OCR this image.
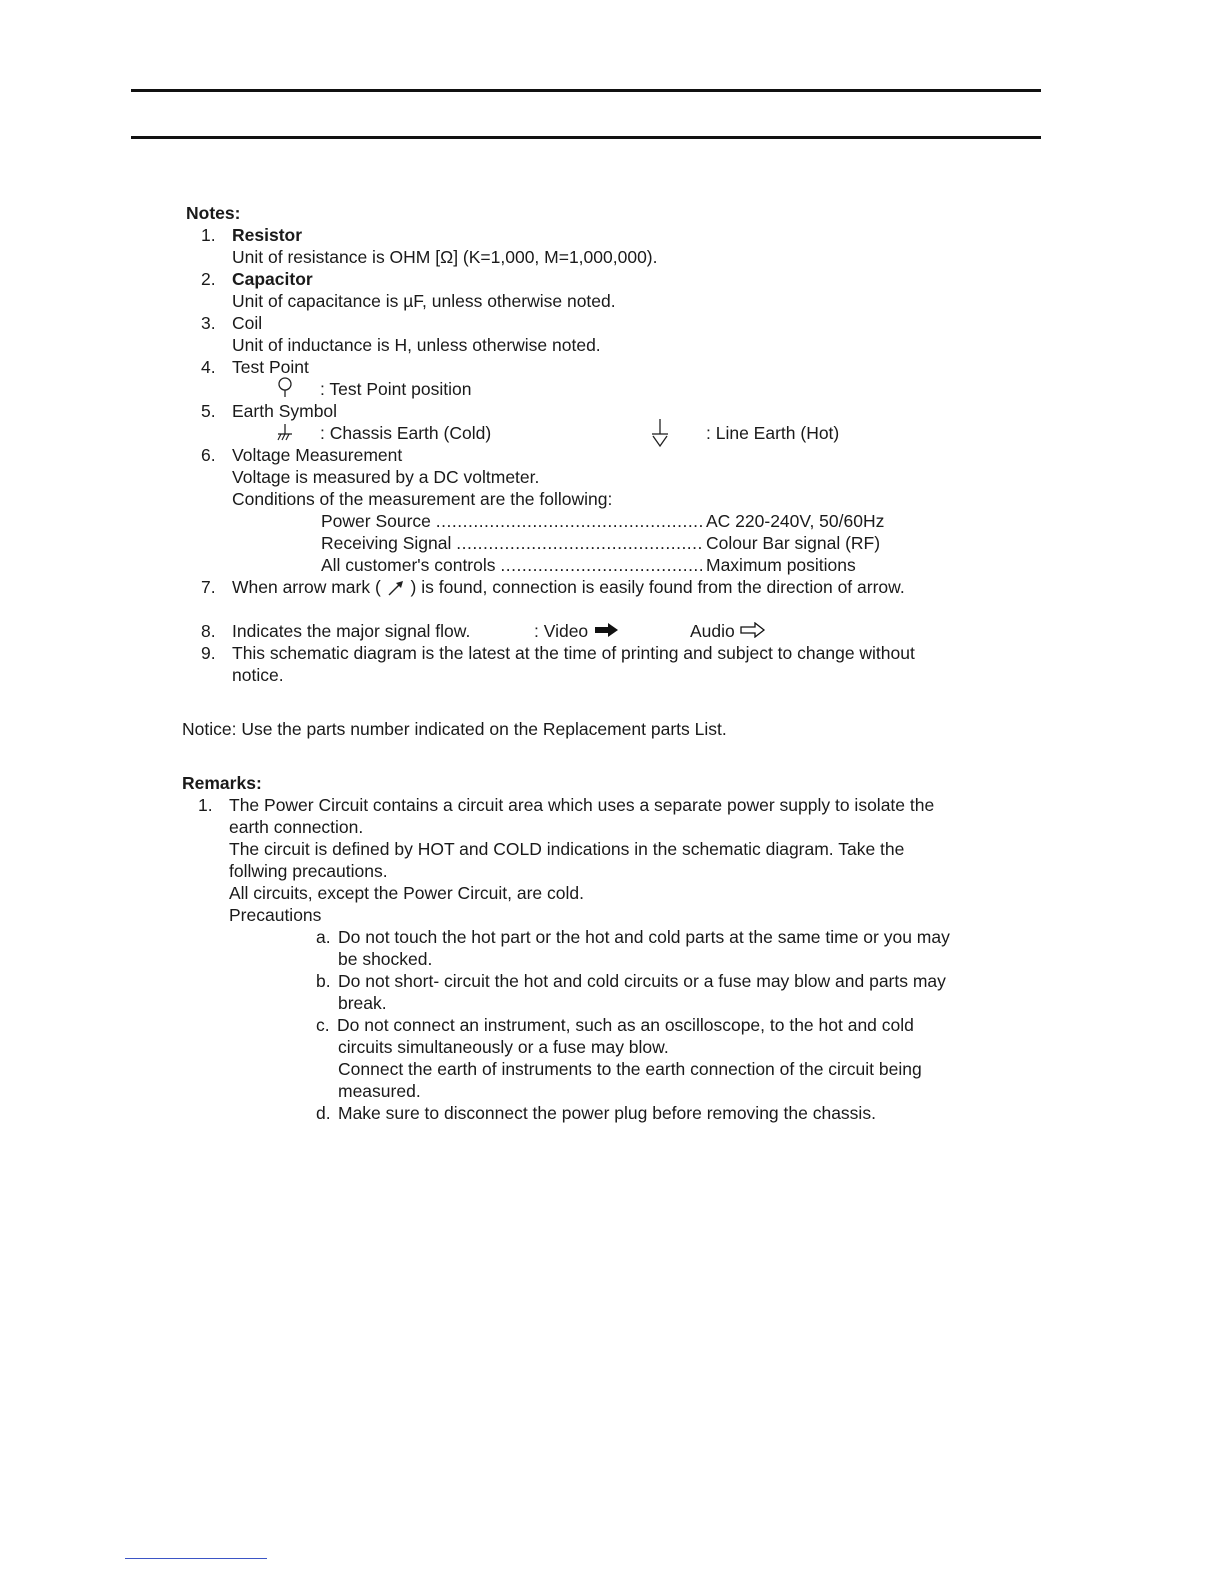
Notes:
1. Resistor
Unit of resistance is OHM [Ω] (K=1,000, M=1,000,000).
2. Capacitor
Unit of capacitance is µF, unless otherwise noted.
3. Coil
Unit of inductance is H, unless otherwise noted.
4. Test Point
: Test Point position
5. Earth Symbol
: Chassis Earth (Cold)	: Line Earth (Hot)
6. Voltage Measurement
Voltage is measured by a DC voltmeter.
Conditions of the measurement are the following:
Power Source .................................................. AC 220-240V, 50/60Hz
Receiving Signal .............................................. Colour Bar signal (RF)
All customer's controls ...................................... Maximum positions
7. When arrow mark ( ) is found, connection is easily found from the direction of arrow.
8. Indicates the major signal flow.	: Video	Audio
9. This schematic diagram is the latest at the time of printing and subject to change without
notice.
Notice: Use the parts number indicated on the Replacement parts List.
Remarks:
1. The Power Circuit contains a circuit area which uses a separate power supply to isolate the
earth connection.
The circuit is defined by HOT and COLD indications in the schematic diagram. Take the
follwing precautions.
All circuits, except the Power Circuit, are cold.
Precautions
a. Do not touch the hot part or the hot and cold parts at the same time or you may
be shocked.
b. Do not short- circuit the hot and cold circuits or a fuse may blow and parts may
break.
c. Do not connect an instrument, such as an oscilloscope, to the hot and cold
circuits simultaneously or a fuse may blow.
Connect the earth of instruments to the earth connection of the circuit being
measured.
d. Make sure to disconnect the power plug before removing the chassis.
